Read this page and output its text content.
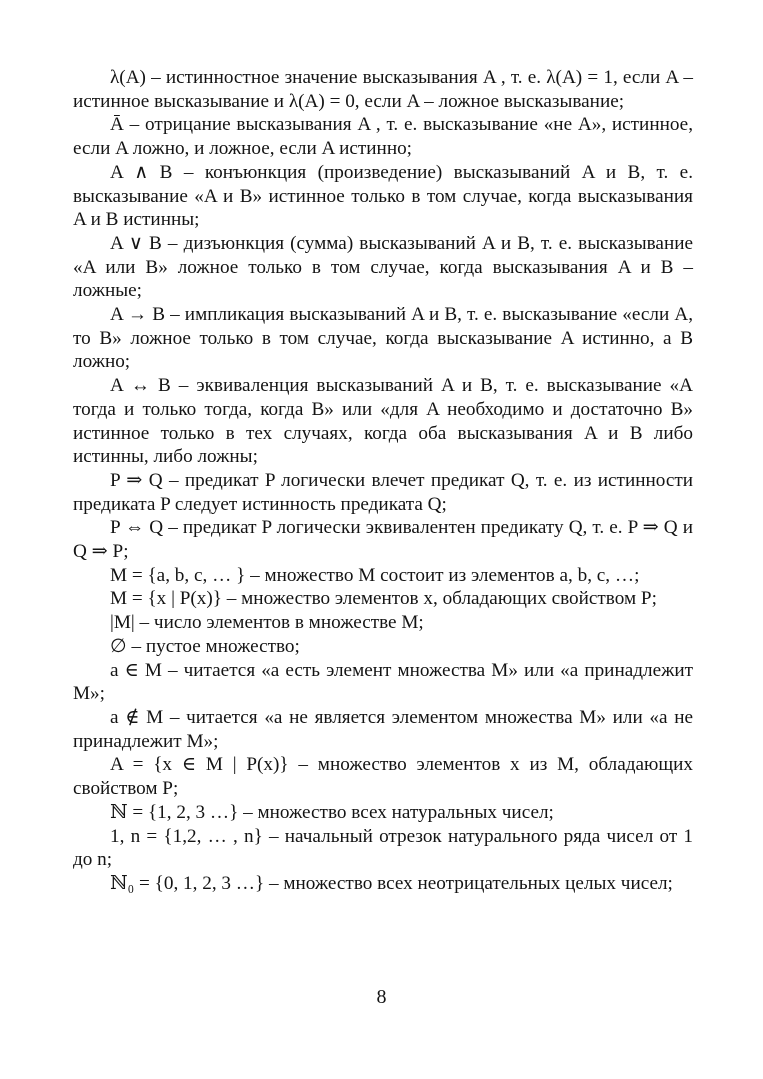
λ(A) – истинностное значение высказывания A , т. е. λ(A) = 1, если A – истинное высказывание и λ(A) = 0, если A – ложное высказывание;

Ā – отрицание высказывания A , т. е. высказывание «не A», истинное, если A ложно, и ложное, если A истинно;

A ∧ B – конъюнкция (произведение) высказываний A и B, т. е. высказывание «A и B» истинное только в том случае, когда высказывания A и B истинны;

A ∨ B – дизъюнкция (сумма) высказываний A и B, т. е. высказывание «A или B» ложное только в том случае, когда высказывания A и B – ложные;

A → B – импликация высказываний A и B, т. е. высказывание «если A, то B» ложное только в том случае, когда высказывание A истинно, а B ложно;

A ↔ B – эквиваленция высказываний A и B, т. е. высказывание «A тогда и только тогда, когда B» или «для A необходимо и достаточно B» истинное только в тех случаях, когда оба высказывания A и B либо истинны, либо ложны;

P ⇒ Q – предикат P логически влечет предикат Q, т. е. из истинности предиката P следует истинность предиката Q;

P ⇔ Q – предикат P логически эквивалентен предикату Q, т. е. P ⇒ Q и Q ⇒ P;

M = {a, b, c, … } – множество M состоит из элементов a, b, c, …;

M = {x | P(x)} – множество элементов x, обладающих свойством P;

|M| – число элементов в множестве M;

∅ – пустое множество;

a ∈ M – читается «a есть элемент множества M» или «a принадлежит M»;

a ∉ M – читается «a не является элементом множества M» или «a не принадлежит M»;

A = {x ∈ M | P(x)} – множество элементов x из M, обладающих свойством P;

ℕ = {1, 2, 3 …} – множество всех натуральных чисел;

1, n = {1,2, … , n} – начальный отрезок натурального ряда чисел от 1 до n;

ℕ₀ = {0, 1, 2, 3 …} – множество всех неотрицательных целых чисел;

8
